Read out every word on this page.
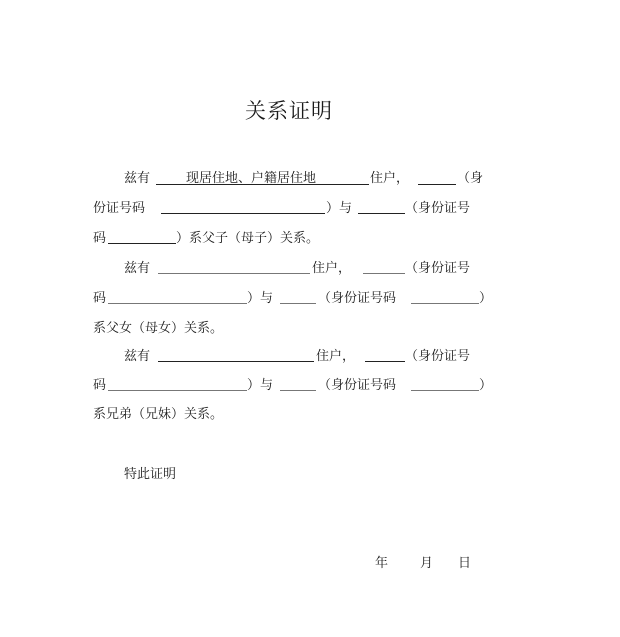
关系证明
兹有	现居住地、户籍居住地	住户，	（身
份证号码	）与	（身份证号
码	）系父子（母子）关系。
兹有	住户，	（身份证号
码	）与	（身份证号码	）
系父女（母女）关系。
兹有	住户，	（身份证号
码	）与	（身份证号码	）
系兄弟（兄妹）关系。
特此证明
年 月 日
